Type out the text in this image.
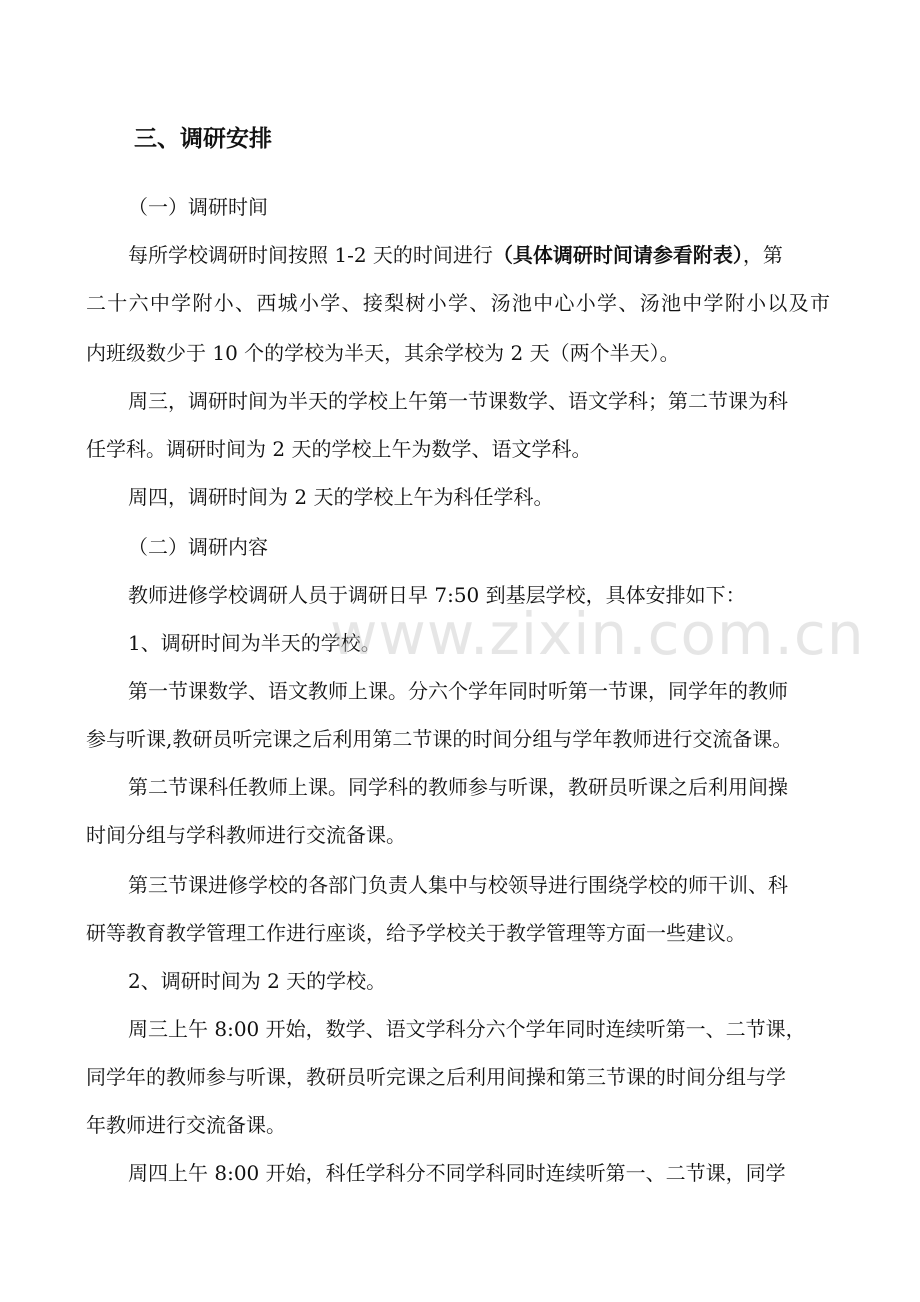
三、调研安排
（一）调研时间
每所学校调研时间按照 1-2 天的时间进行（具体调研时间请参看附表），第
二十六中学附小、西城小学、接梨树小学、汤池中心小学、汤池中学附小以及市
内班级数少于 10 个的学校为半天，其余学校为 2 天（两个半天）。
周三，调研时间为半天的学校上午第一节课数学、语文学科；第二节课为科
任学科。调研时间为 2 天的学校上午为数学、语文学科。
周四，调研时间为 2 天的学校上午为科任学科。
（二）调研内容
教师进修学校调研人员于调研日早 7:50 到基层学校，具体安排如下：
1、调研时间为半天的学校。
第一节课数学、语文教师上课。分六个学年同时听第一节课，同学年的教师
参与听课,教研员听完课之后利用第二节课的时间分组与学年教师进行交流备课。
第二节课科任教师上课。同学科的教师参与听课，教研员听课之后利用间操
时间分组与学科教师进行交流备课。
第三节课进修学校的各部门负责人集中与校领导进行围绕学校的师干训、科
研等教育教学管理工作进行座谈，给予学校关于教学管理等方面一些建议。
2、调研时间为 2 天的学校。
周三上午 8:00 开始，数学、语文学科分六个学年同时连续听第一、二节课，
同学年的教师参与听课，教研员听完课之后利用间操和第三节课的时间分组与学
年教师进行交流备课。
周四上午 8:00 开始，科任学科分不同学科同时连续听第一、二节课，同学
www.zixin.com.cn
